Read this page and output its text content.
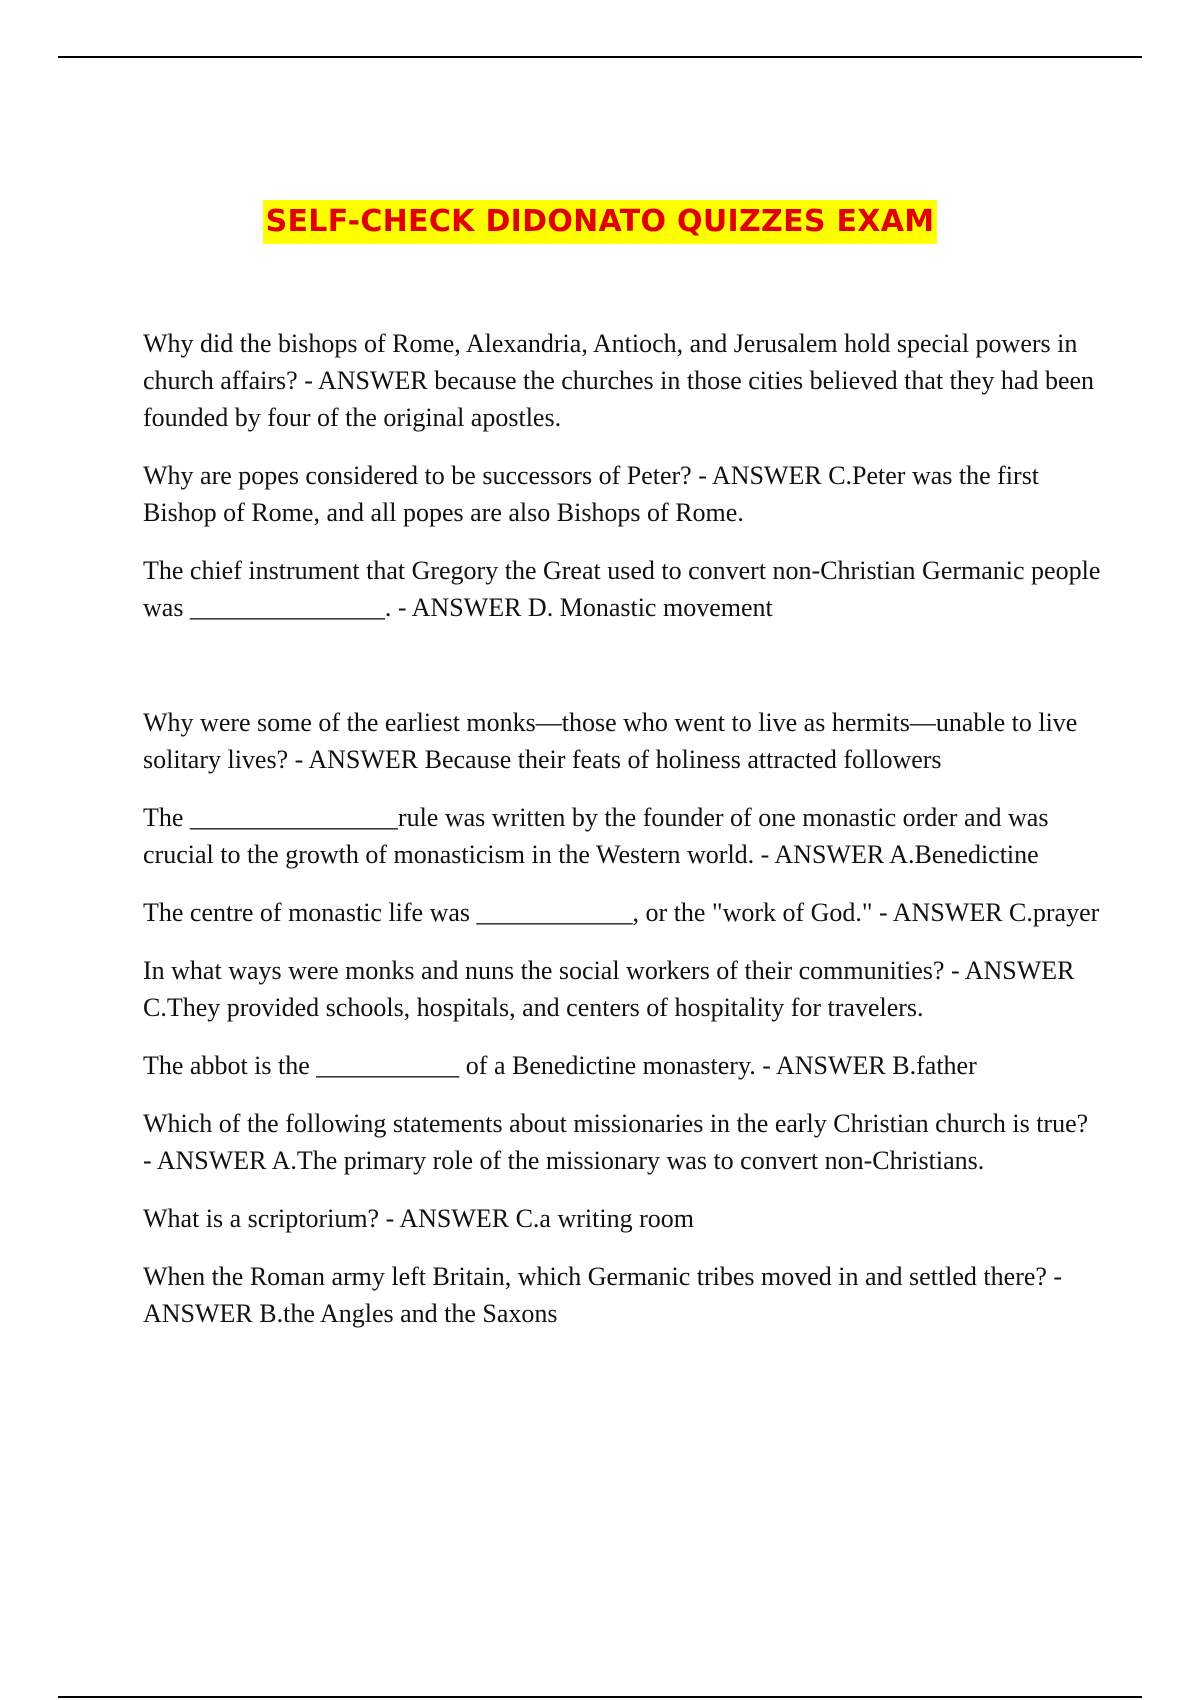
SELF-CHECK DIDONATO QUIZZES EXAM

Why did the bishops of Rome, Alexandria, Antioch, and Jerusalem hold special powers in church affairs? - ANSWER because the churches in those cities believed that they had been founded by four of the original apostles.

Why are popes considered to be successors of Peter? - ANSWER C.Peter was the first Bishop of Rome, and all popes are also Bishops of Rome.

The chief instrument that Gregory the Great used to convert non-Christian Germanic people was _______________. - ANSWER D. Monastic movement

Why were some of the earliest monks—those who went to live as hermits—unable to live solitary lives? - ANSWER Because their feats of holiness attracted followers

The ________________rule was written by the founder of one monastic order and was crucial to the growth of monasticism in the Western world. - ANSWER A.Benedictine

The centre of monastic life was ____________, or the "work of God." - ANSWER C.prayer

In what ways were monks and nuns the social workers of their communities? - ANSWER C.They provided schools, hospitals, and centers of hospitality for travelers.

The abbot is the ___________ of a Benedictine monastery. - ANSWER B.father

Which of the following statements about missionaries in the early Christian church is true? - ANSWER A.The primary role of the missionary was to convert non-Christians.

What is a scriptorium? - ANSWER C.a writing room

When the Roman army left Britain, which Germanic tribes moved in and settled there? - ANSWER B.the Angles and the Saxons
